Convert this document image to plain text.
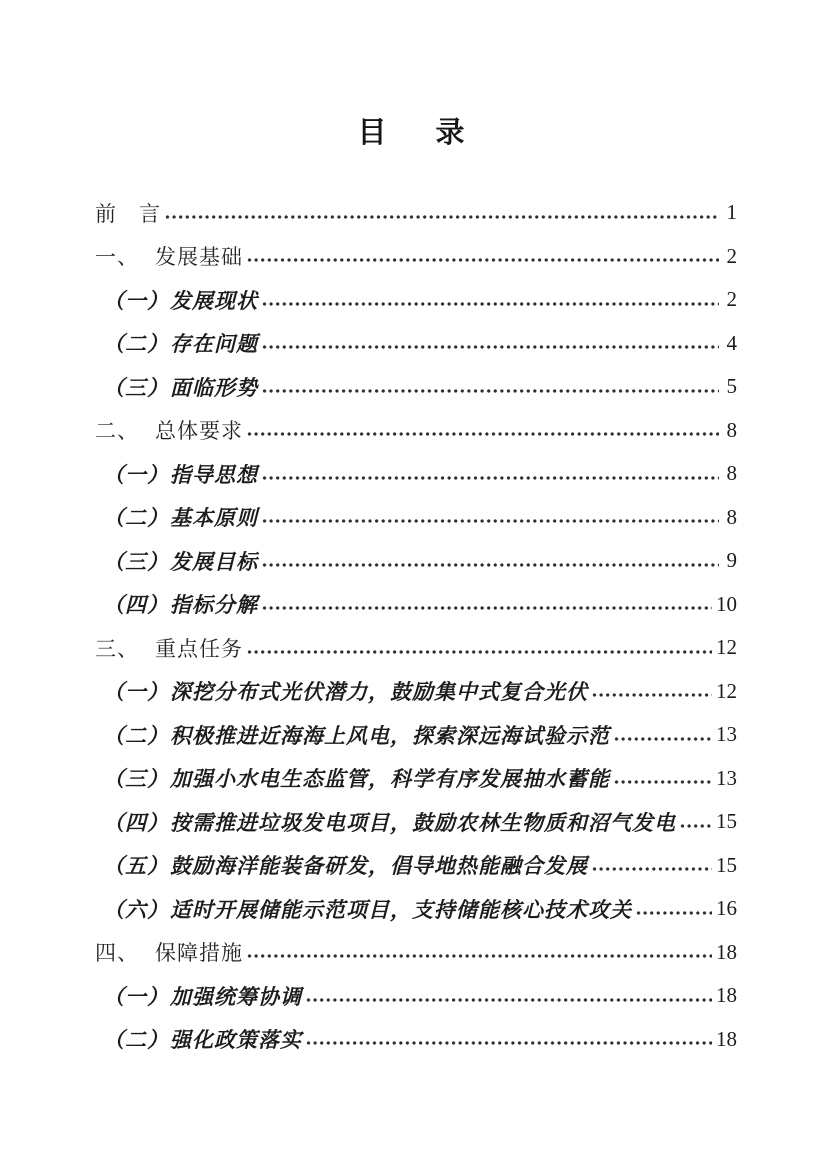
目　录
前　言	1
一、 发展基础	2
（一） 发展现状	2
（二） 存在问题	4
（三） 面临形势	5
二、 总体要求	8
（一） 指导思想	8
（二） 基本原则	8
（三） 发展目标	9
（四） 指标分解	10
三、 重点任务	12
（一） 深挖分布式光伏潜力，鼓励集中式复合光伏	12
（二） 积极推进近海海上风电，探索深远海试验示范	13
（三） 加强小水电生态监管，科学有序发展抽水蓄能	13
（四） 按需推进垃圾发电项目，鼓励农林生物质和沼气发电 15
（五） 鼓励海洋能装备研发，倡导地热能融合发展	15
（六） 适时开展储能示范项目，支持储能核心技术攻关	16
四、 保障措施	18
（一） 加强统筹协调	18
（二） 强化政策落实	18
